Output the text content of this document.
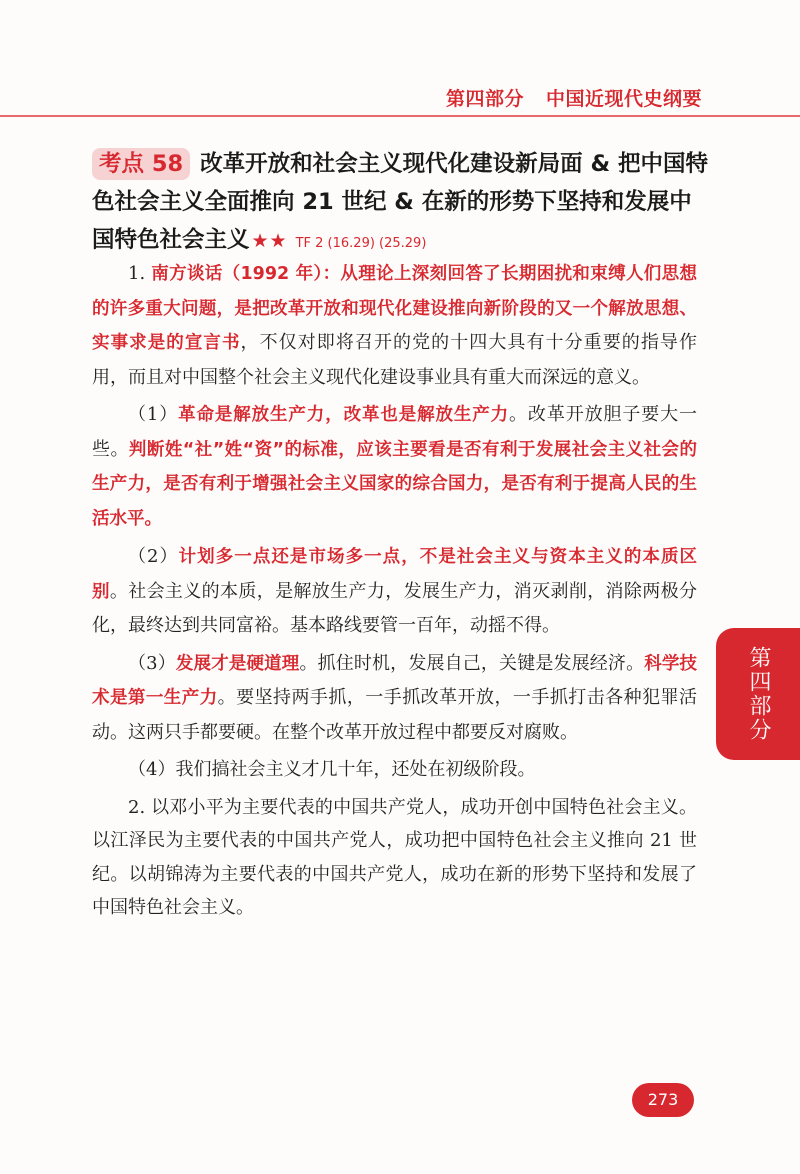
第四部分 中国近现代史纲要
考点 58 改革开放和社会主义现代化建设新局面 & 把中国特色社会主义全面推向 21 世纪 & 在新的形势下坚持和发展中国特色社会主义 ★★ TF 2 (16.29) (25.29)

1. 南方谈话（1992 年）：从理论上深刻回答了长期困扰和束缚人们思想的许多重大问题，是把改革开放和现代化建设推向新阶段的又一个解放思想、实事求是的宣言书，不仅对即将召开的党的十四大具有十分重要的指导作用，而且对中国整个社会主义现代化建设事业具有重大而深远的意义。

（1）革命是解放生产力，改革也是解放生产力。改革开放胆子要大一些。判断姓“社”姓“资”的标准，应该主要看是否有利于发展社会主义社会的生产力，是否有利于增强社会主义国家的综合国力，是否有利于提高人民的生活水平。

（2）计划多一点还是市场多一点，不是社会主义与资本主义的本质区别。社会主义的本质，是解放生产力，发展生产力，消灭剥削，消除两极分化，最终达到共同富裕。基本路线要管一百年，动摇不得。

（3）发展才是硬道理。抓住时机，发展自己，关键是发展经济。科学技术是第一生产力。要坚持两手抓，一手抓改革开放，一手抓打击各种犯罪活动。这两只手都要硬。在整个改革开放过程中都要反对腐败。

（4）我们搞社会主义才几十年，还处在初级阶段。

2. 以邓小平为主要代表的中国共产党人，成功开创中国特色社会主义。以江泽民为主要代表的中国共产党人，成功把中国特色社会主义推向 21 世纪。以胡锦涛为主要代表的中国共产党人，成功在新的形势下坚持和发展了中国特色社会主义。

第四部分
273
